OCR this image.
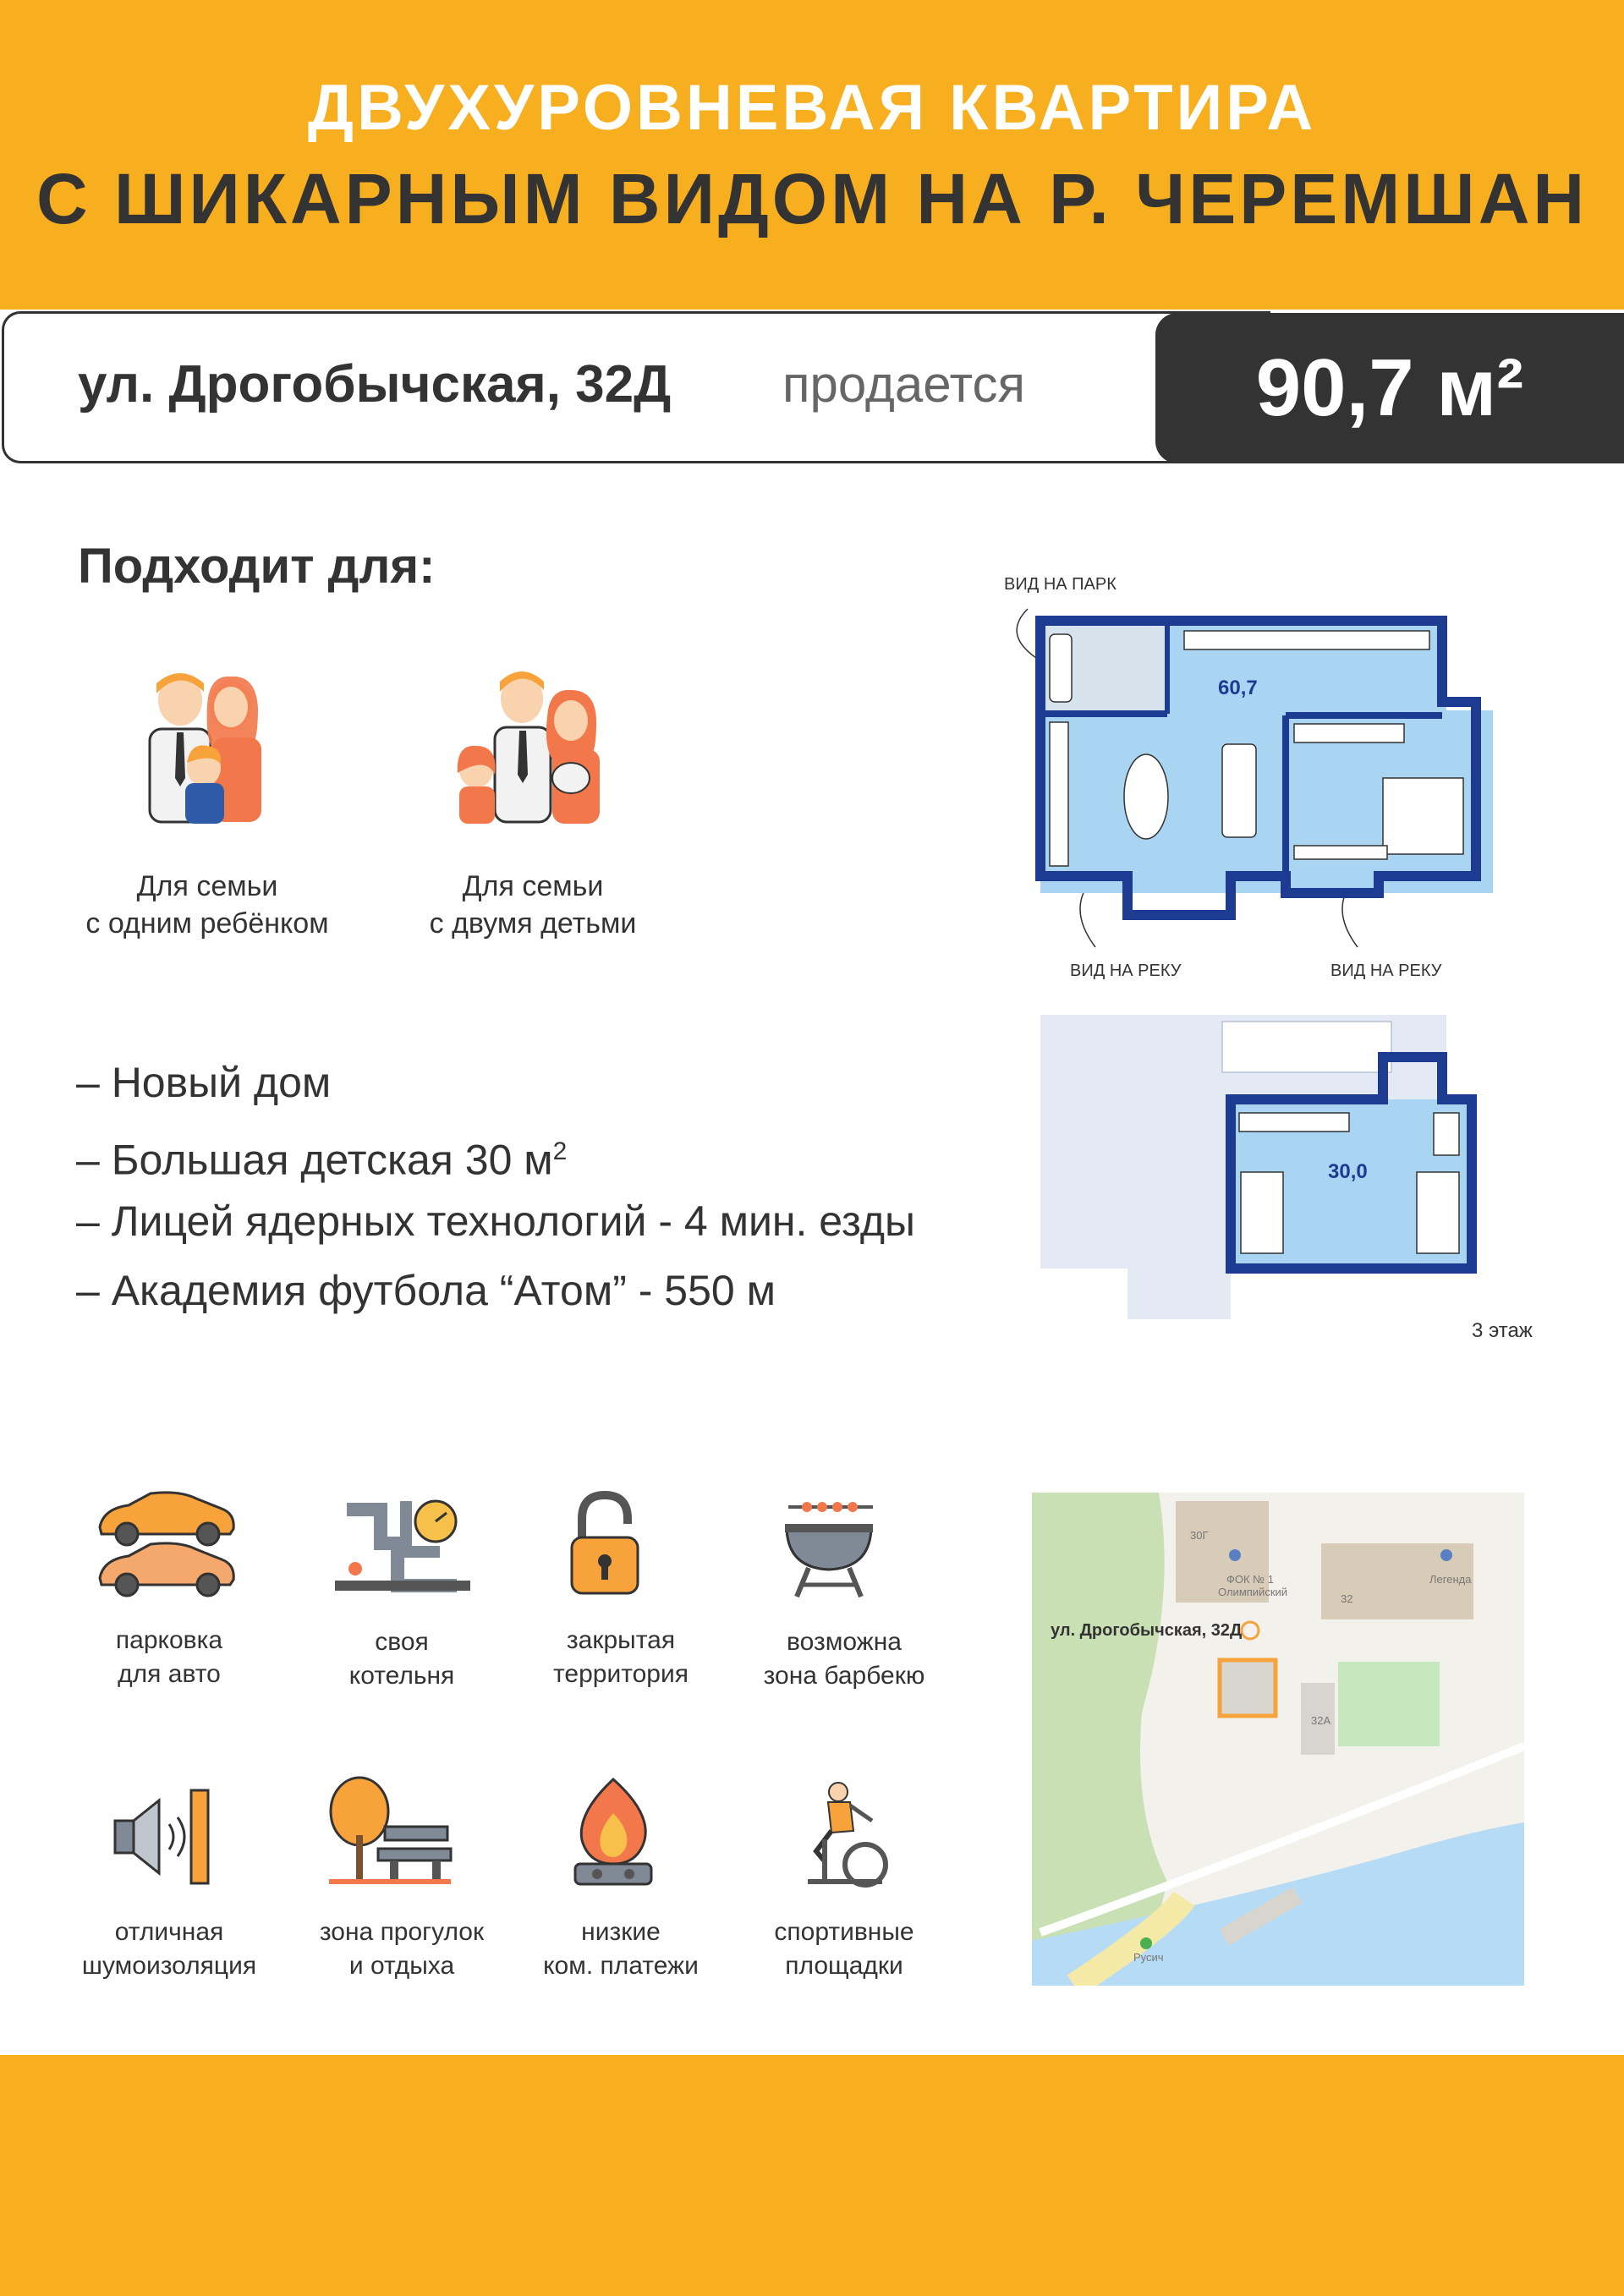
ДВУХУРОВНЕВАЯ КВАРТИРА
С ШИКАРНЫМ ВИДОМ НА Р. ЧЕРЕМШАН
ул. Дрогобычская, 32Д продается	90,7 м²
Подходит для:
Для семьи
с одним ребёнком
Для семьи
с двумя детьми
– Новый дом
– Большая детская 30 $м^2$
– Лицей ядерных технологий - 4 мин. езды
– Академия футбола “Атом” - 550 м
ВИД НА ПАРК
ВИД НА РЕКУ	ВИД НА РЕКУ
60,7
30,0
3 этаж
парковка
для авто
своя
котельня
закрытая
территория
возможна
зона барбекю
отличная
шумоизоляция
зона прогулок
и отдыха
низкие
ком. платежи
спортивные
площадки
ул. Дрогобычская, 32Д
30Г
ФОК № 1
Олимпийский
Легенда
32
32А
Русич
